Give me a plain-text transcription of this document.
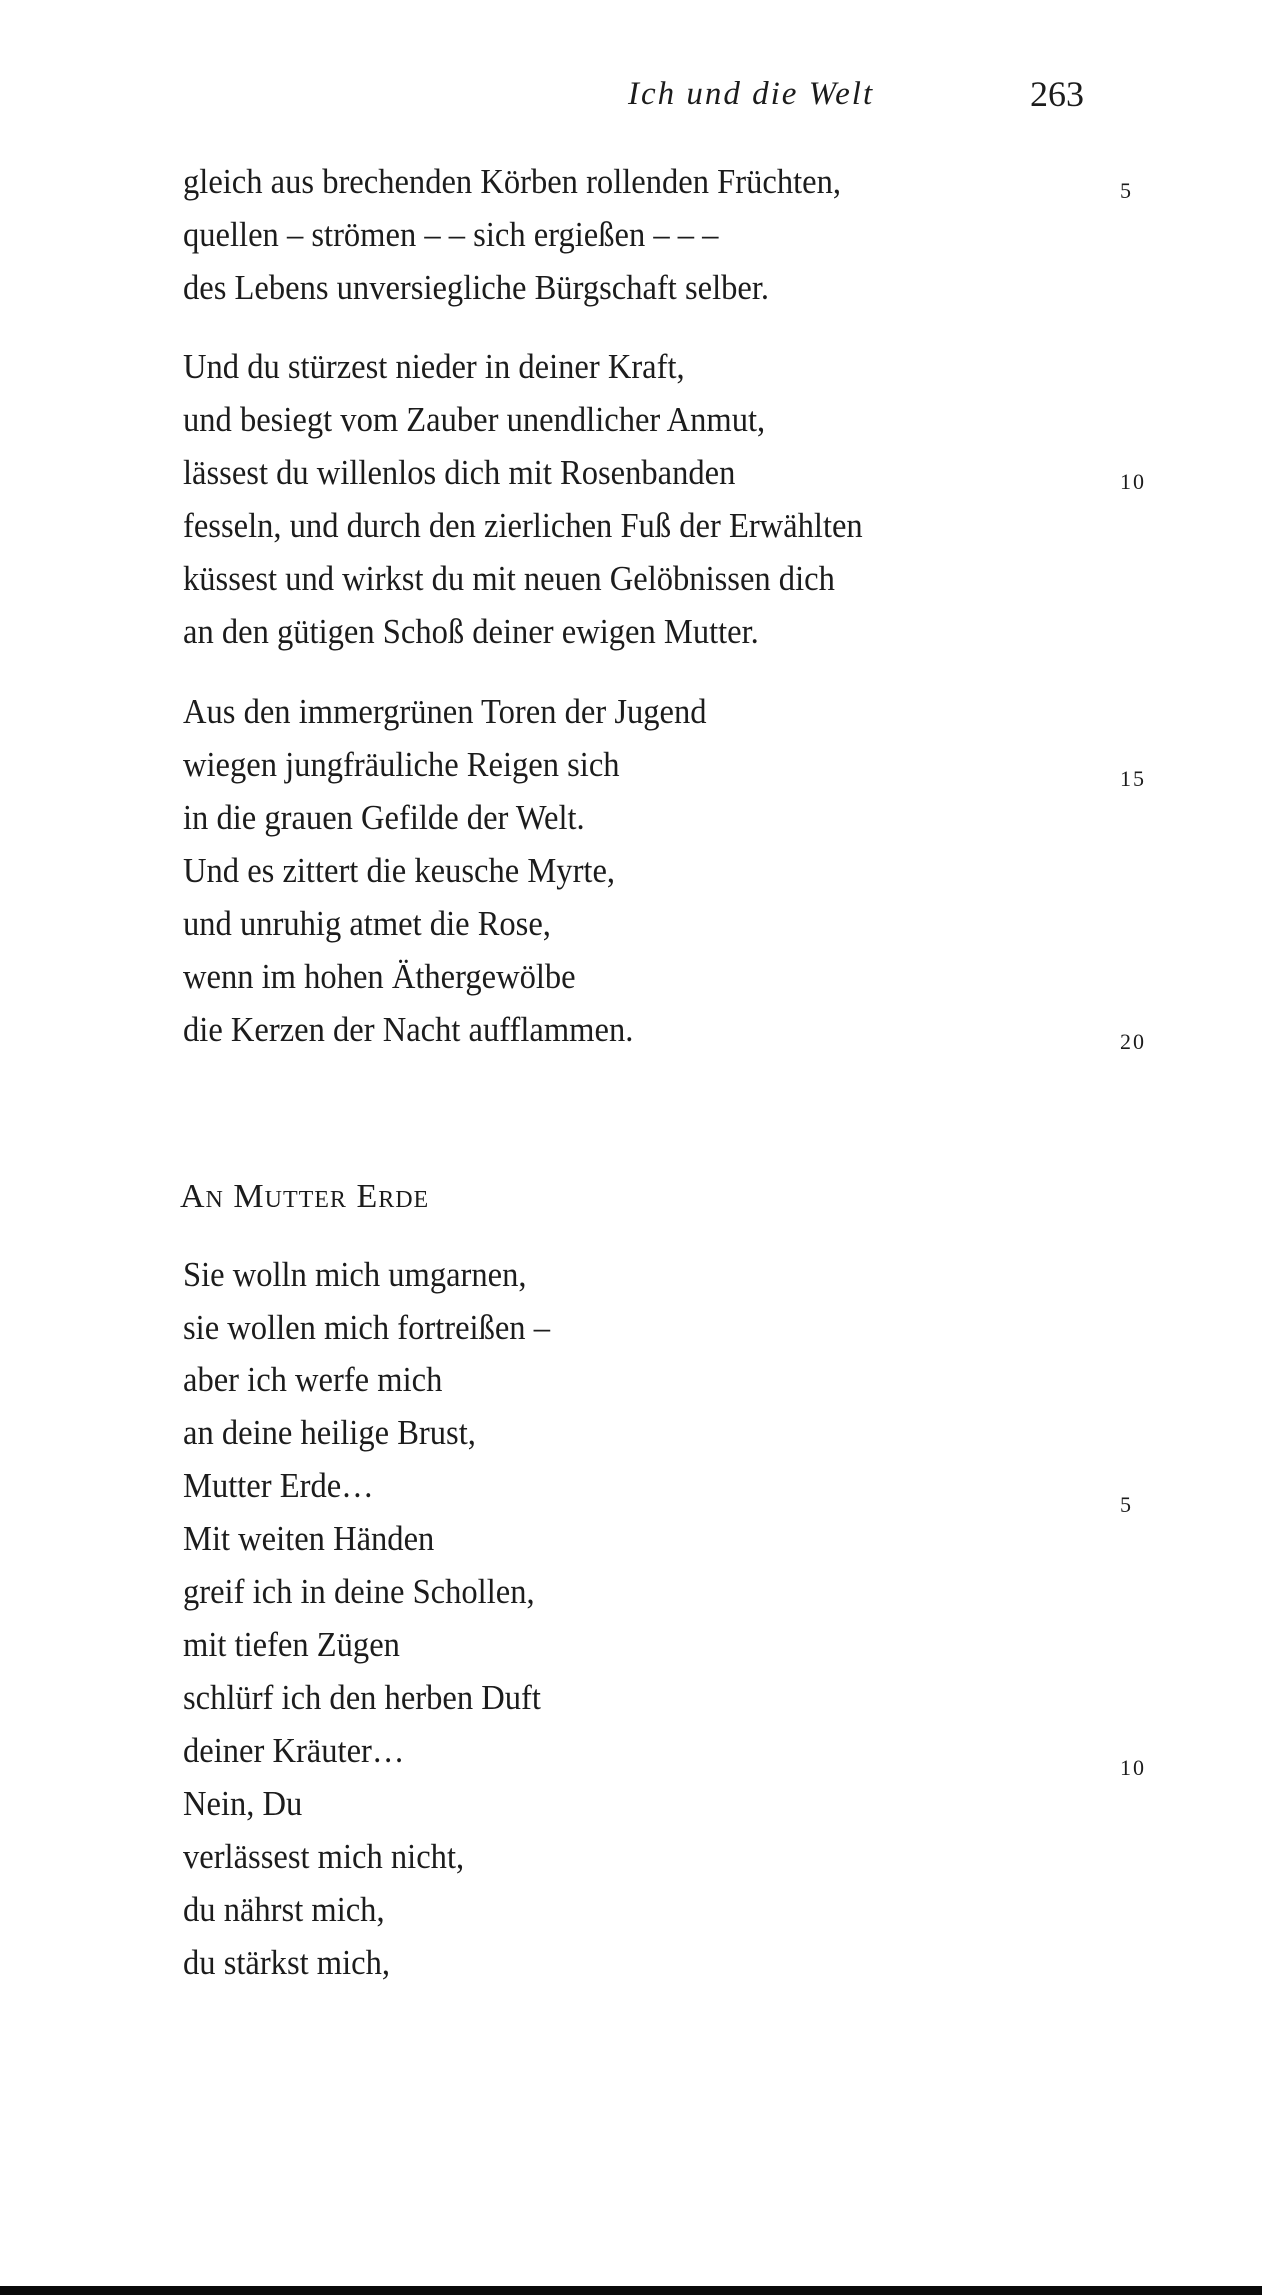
Ich und die Welt	263
gleich aus brechenden Körben rollenden Früchten,
quellen – strömen – – sich ergießen – – –
des Lebens unversiegliche Bürgschaft selber.
Und du stürzest nieder in deiner Kraft,
und besiegt vom Zauber unendlicher Anmut,
lässest du willenlos dich mit Rosenbanden
fesseln, und durch den zierlichen Fuß der Erwählten
küssest und wirkst du mit neuen Gelöbnissen dich
an den gütigen Schoß deiner ewigen Mutter.
Aus den immergrünen Toren der Jugend
wiegen jungfräuliche Reigen sich
in die grauen Gefilde der Welt.
Und es zittert die keusche Myrte,
und unruhig atmet die Rose,
wenn im hohen Äthergewölbe
die Kerzen der Nacht aufflammen.
5
10
15
20
An Mutter Erde
Sie wolln mich umgarnen,
sie wollen mich fortreißen –
aber ich werfe mich
an deine heilige Brust,
Mutter Erde…
Mit weiten Händen
greif ich in deine Schollen,
mit tiefen Zügen
schlürf ich den herben Duft
deiner Kräuter…
Nein, Du
verlässest mich nicht,
du nährst mich,
du stärkst mich,
5
10
